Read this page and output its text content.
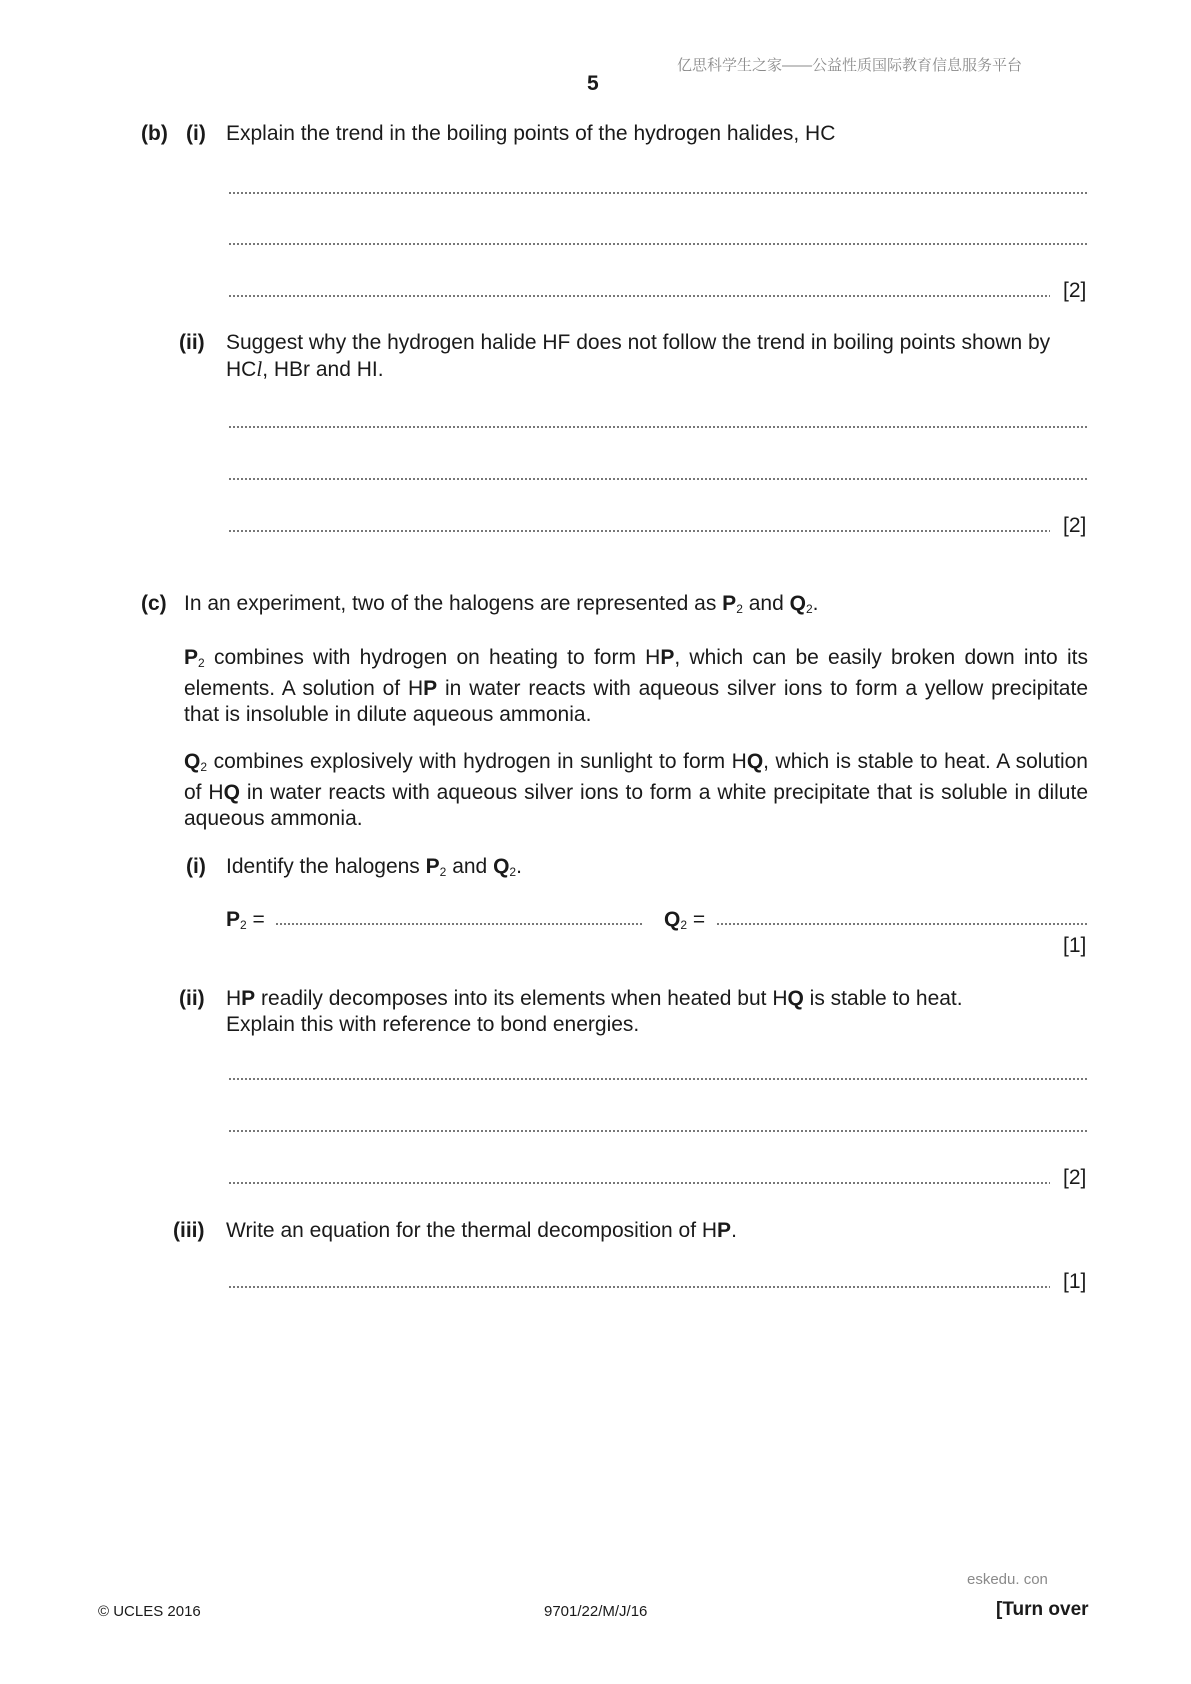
亿思科学生之家——公益性质国际教育信息服务平台
5
(b) (i) Explain the trend in the boiling points of the hydrogen halides, HC
[2]
(ii) Suggest why the hydrogen halide HF does not follow the trend in boiling points shown by
HCl, HBr and HI.
[2]
(c) In an experiment, two of the halogens are represented as $P_2$ and $Q_2$.
$P_2$ combines with hydrogen on heating to form HP, which can be easily broken down into its elements. A solution of HP in water reacts with aqueous silver ions to form a yellow precipitate that is insoluble in dilute aqueous ammonia.
$Q_2$ combines explosively with hydrogen in sunlight to form HQ, which is stable to heat. A solution of HQ in water reacts with aqueous silver ions to form a white precipitate that is soluble in dilute aqueous ammonia.
(i) Identify the halogens $P_2$ and $Q_2$.
$P_2$ =	$Q_2$ =
[1]
(ii) HP readily decomposes into its elements when heated but HQ is stable to heat.
Explain this with reference to bond energies.
[2]
(iii) Write an equation for the thermal decomposition of HP.
[1]
eskedu. con
© UCLES 2016	9701/22/M/J/16	[Turn over
